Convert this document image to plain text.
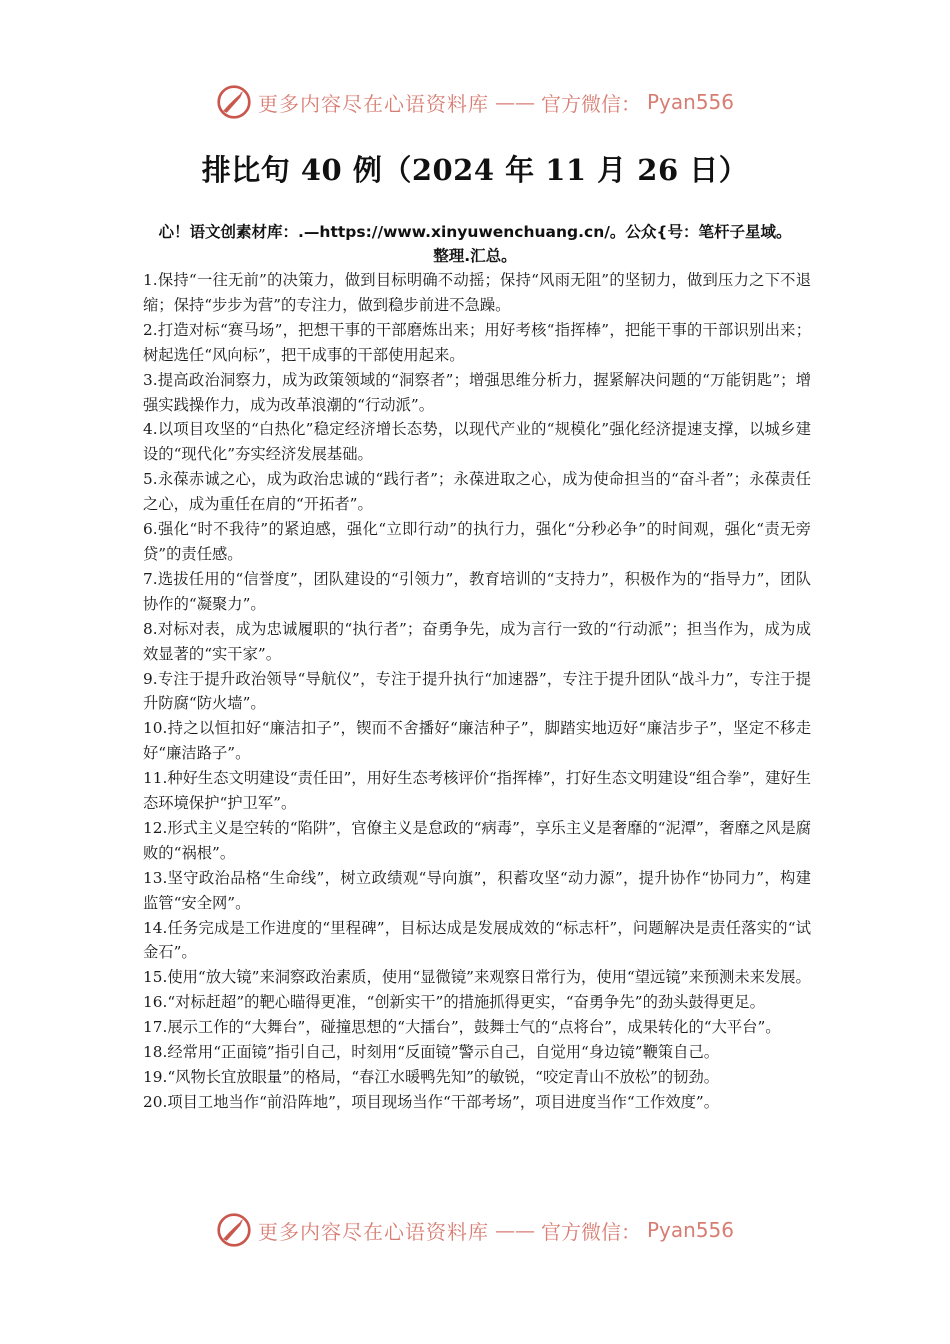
更多内容尽在心语资料库 —— 官方微信： Pyan556
排比句 40 例（2024 年 11 月 26 日）
心！语文创素材库：.—https://www.xinyuwenchuang.cn/。公众{号：笔杆子星域。
整理.汇总。
1.保持“一往无前”的决策力，做到目标明确不动摇；保持“风雨无阻”的坚韧力，做到压力之下不退缩；保持“步步为营”的专注力，做到稳步前进不急躁。
2.打造对标“赛马场”，把想干事的干部磨炼出来；用好考核“指挥棒”，把能干事的干部识别出来；树起选任“风向标”，把干成事的干部使用起来。
3.提高政治洞察力，成为政策领域的“洞察者”；增强思维分析力，握紧解决问题的“万能钥匙”；增强实践操作力，成为改革浪潮的“行动派”。
4.以项目攻坚的“白热化”稳定经济增长态势，以现代产业的“规模化”强化经济提速支撑，以城乡建设的“现代化”夯实经济发展基础。
5.永葆赤诚之心，成为政治忠诚的“践行者”；永葆进取之心，成为使命担当的“奋斗者”；永葆责任之心，成为重任在肩的“开拓者”。
6.强化“时不我待”的紧迫感，强化“立即行动”的执行力，强化“分秒必争”的时间观，强化“责无旁贷”的责任感。
7.选拔任用的“信誉度”，团队建设的“引领力”，教育培训的“支持力”，积极作为的“指导力”，团队协作的“凝聚力”。
8.对标对表，成为忠诚履职的“执行者”；奋勇争先，成为言行一致的“行动派”；担当作为，成为成效显著的“实干家”。
9.专注于提升政治领导“导航仪”，专注于提升执行“加速器”，专注于提升团队“战斗力”，专注于提升防腐“防火墙”。
10.持之以恒扣好“廉洁扣子”，锲而不舍播好“廉洁种子”，脚踏实地迈好“廉洁步子”，坚定不移走好“廉洁路子”。
11.种好生态文明建设“责任田”，用好生态考核评价“指挥棒”，打好生态文明建设“组合拳”，建好生态环境保护“护卫军”。
12.形式主义是空转的“陷阱”，官僚主义是怠政的“病毒”，享乐主义是奢靡的“泥潭”，奢靡之风是腐败的“祸根”。
13.坚守政治品格“生命线”，树立政绩观“导向旗”，积蓄攻坚“动力源”，提升协作“协同力”，构建监管“安全网”。
14.任务完成是工作进度的“里程碑”，目标达成是发展成效的“标志杆”，问题解决是责任落实的“试金石”。
15.使用“放大镜”来洞察政治素质，使用“显微镜”来观察日常行为，使用“望远镜”来预测未来发展。
16.“对标赶超”的靶心瞄得更准，“创新实干”的措施抓得更实，“奋勇争先”的劲头鼓得更足。
17.展示工作的“大舞台”，碰撞思想的“大擂台”，鼓舞士气的“点将台”，成果转化的“大平台”。
18.经常用“正面镜”指引自己，时刻用“反面镜”警示自己，自觉用“身边镜”鞭策自己。
19.“风物长宜放眼量”的格局，“春江水暖鸭先知”的敏锐，“咬定青山不放松”的韧劲。
20.项目工地当作“前沿阵地”，项目现场当作“干部考场”，项目进度当作“工作效度”。
更多内容尽在心语资料库 —— 官方微信： Pyan556
